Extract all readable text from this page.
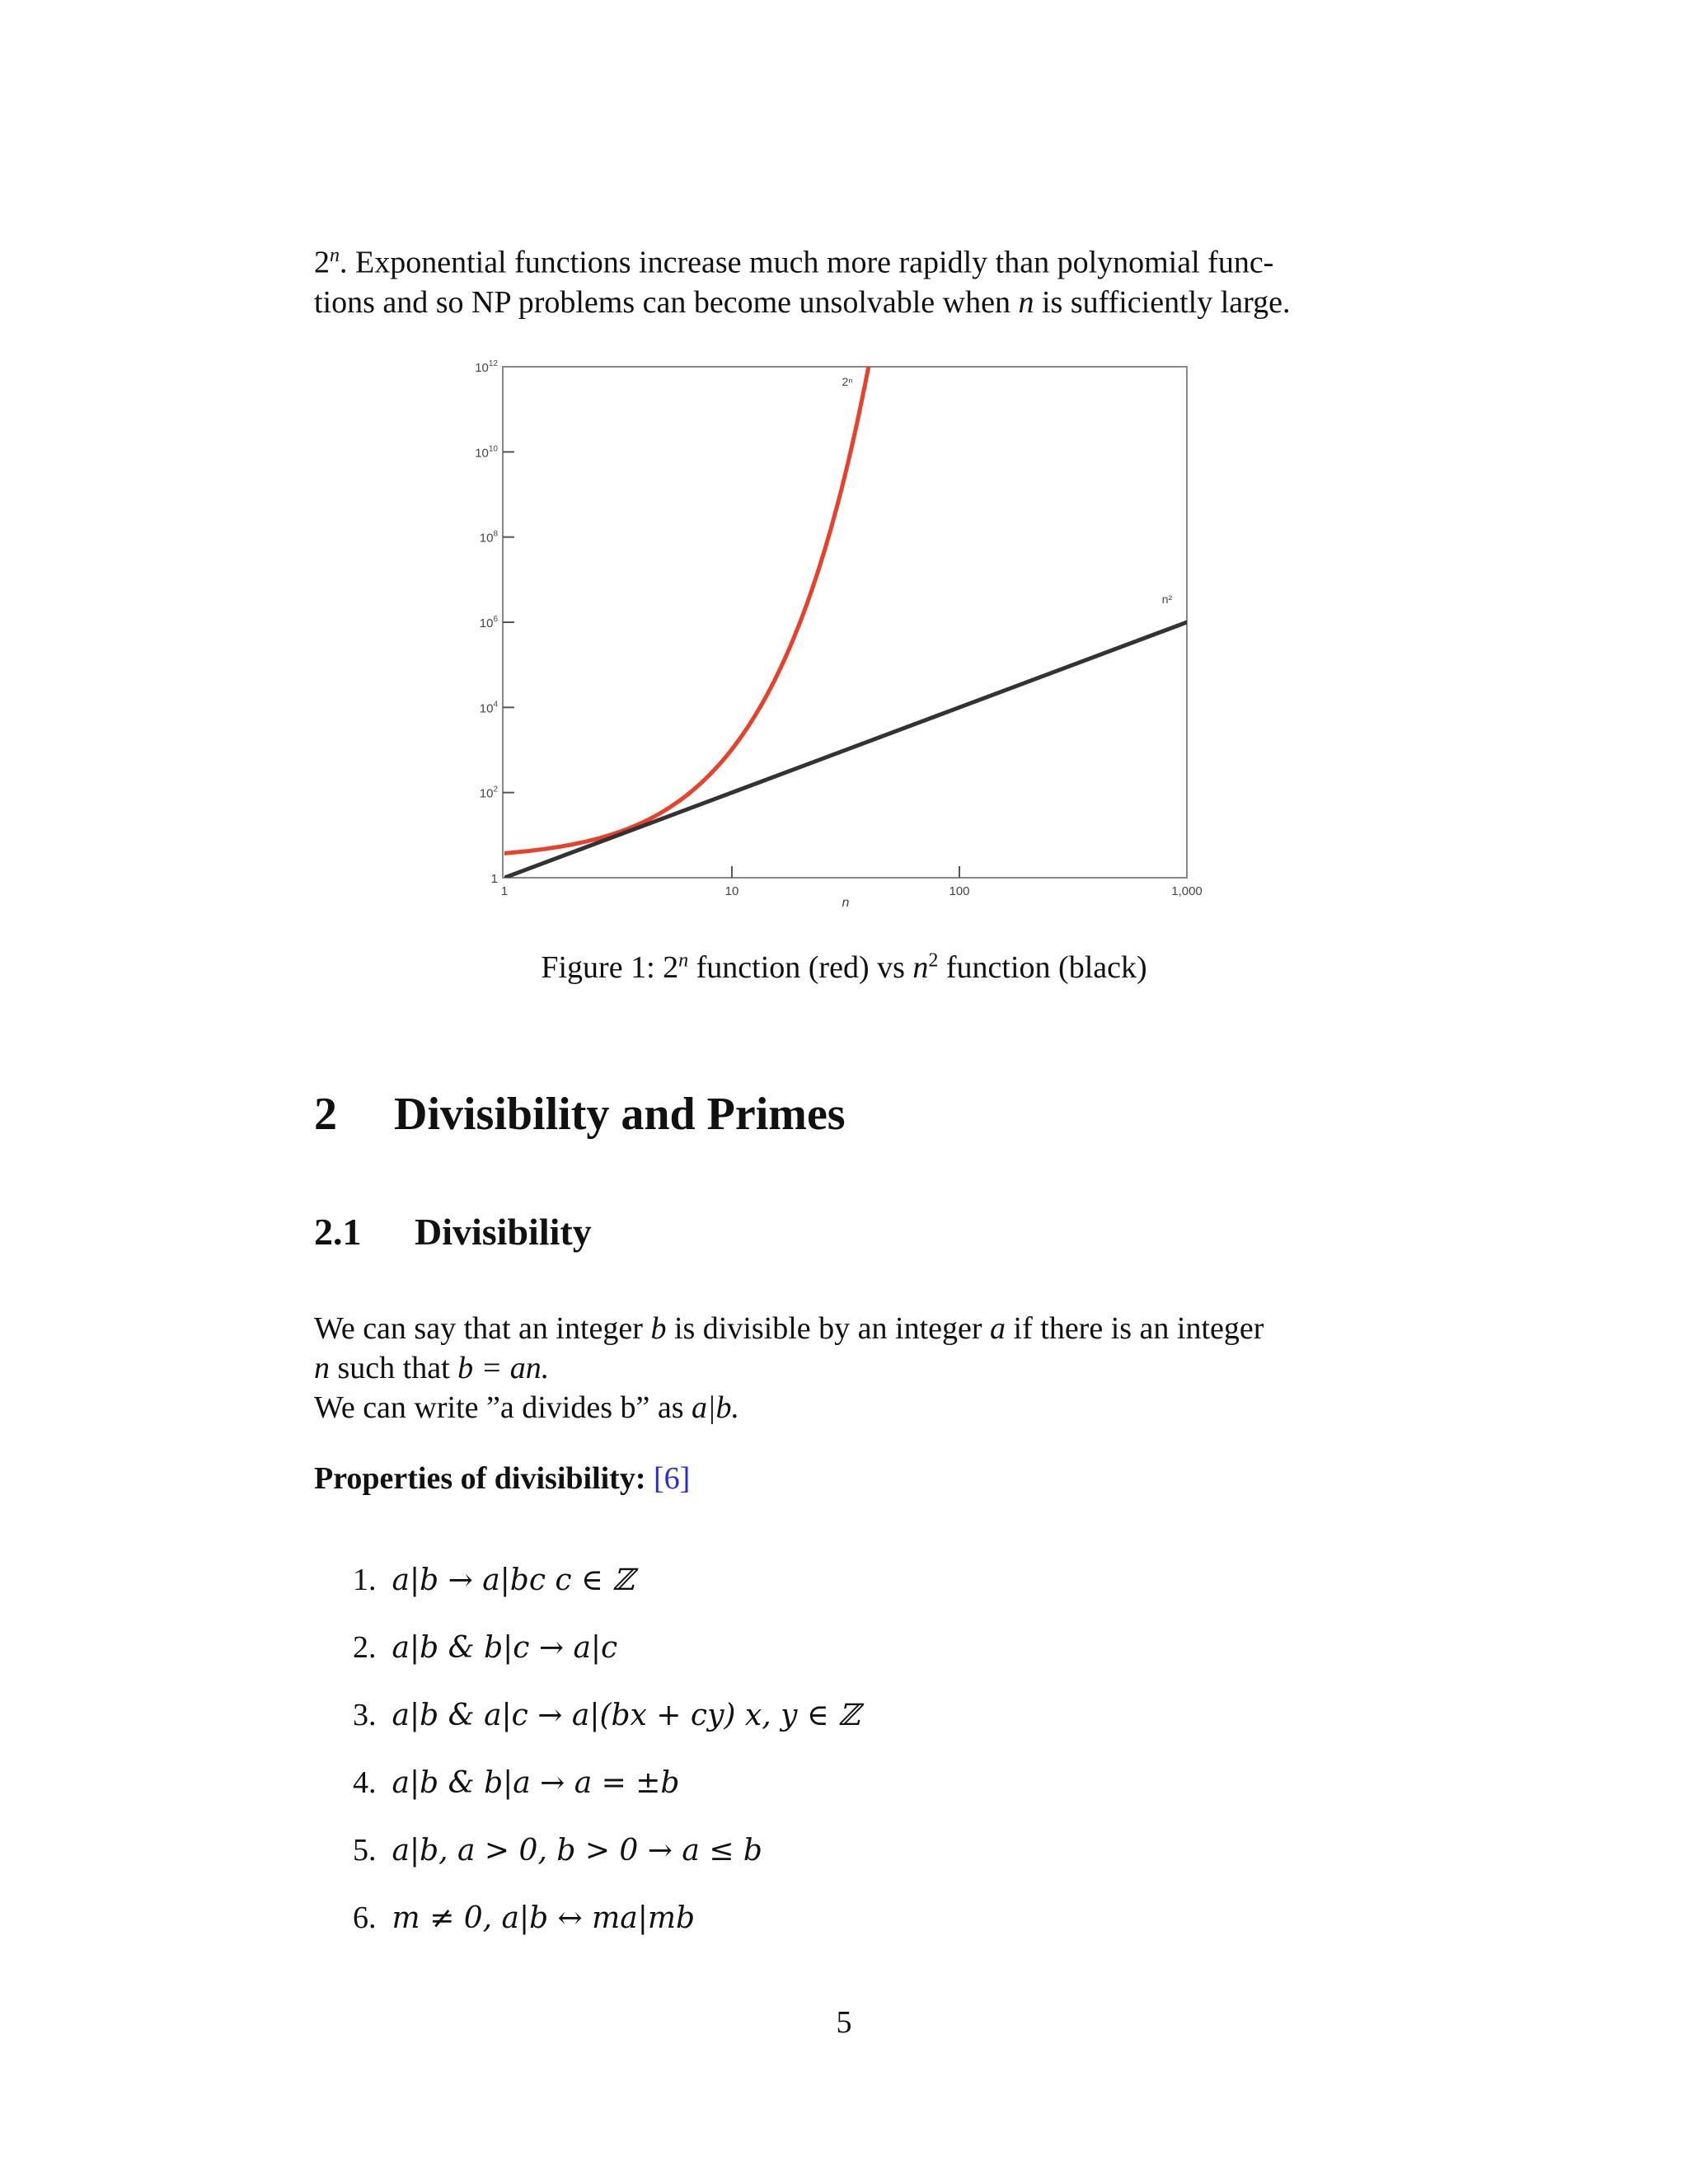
2$^n$. Exponential functions increase much more rapidly than polynomial func-
tions and so NP problems can become unsolvable when n is sufficiently large.
$10^{12}$
$10^{10}$
$10^8$
$10^6$
$10^4$
$10^2$
1
1	10	100	1,000
n
2ⁿ
n²
Figure 1: 2$^n$ function (red) vs $n^2$ function (black)
2 Divisibility and Primes
2.1 Divisibility
We can say that an integer b is divisible by an integer a if there is an integer
n such that b = an.
We can write ”a divides b” as a|b.
Properties of divisibility: [6]
1. a|b → a|bc c ∈ ℤ
2. a|b & b|c → a|c
3. a|b & a|c → a|(bx + cy) x, y ∈ ℤ
4. a|b & b|a → a = ±b
5. a|b, a > 0, b > 0 → a ≤ b
6. m ≠ 0, a|b ↔ ma|mb
5
